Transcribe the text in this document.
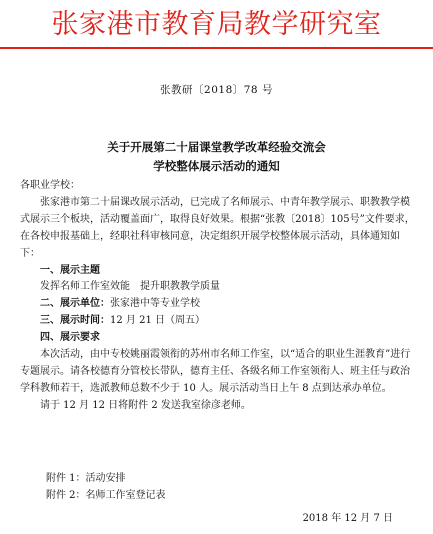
张家港市教育局教学研究室
张教研〔2018〕78 号
关于开展第二十届课堂教学改革经验交流会
学校整体展示活动的通知

各职业学校：

张家港市第二十届课改展示活动，已完成了名师展示、中青年教学展示、职教教学模式展示三个板块，活动覆盖面广，取得良好效果。根据“张教〔2018〕105号”文件要求，在各校申报基础上，经职社科审核同意，决定组织开展学校整体展示活动，具体通知如下：

一、展示主题

发挥名师工作室效能　提升职教教学质量

二、展示单位：张家港中等专业学校

三、展示时间：12 月 21 日（周五）

四、展示要求

本次活动，由中专校姚丽霞领衔的苏州市名师工作室，以“适合的职业生涯教育”进行专题展示。请各校德育分管校长带队，德育主任、各级名师工作室领衔人、班主任与政治学科教师若干，选派教师总数不少于 10 人。展示活动当日上午 8 点到达承办单位。

请于 12 月 12 日将附件 2 发送我室徐彦老师。

附件 1：活动安排
附件 2：名师工作室登记表
2018 年 12 月 7 日
